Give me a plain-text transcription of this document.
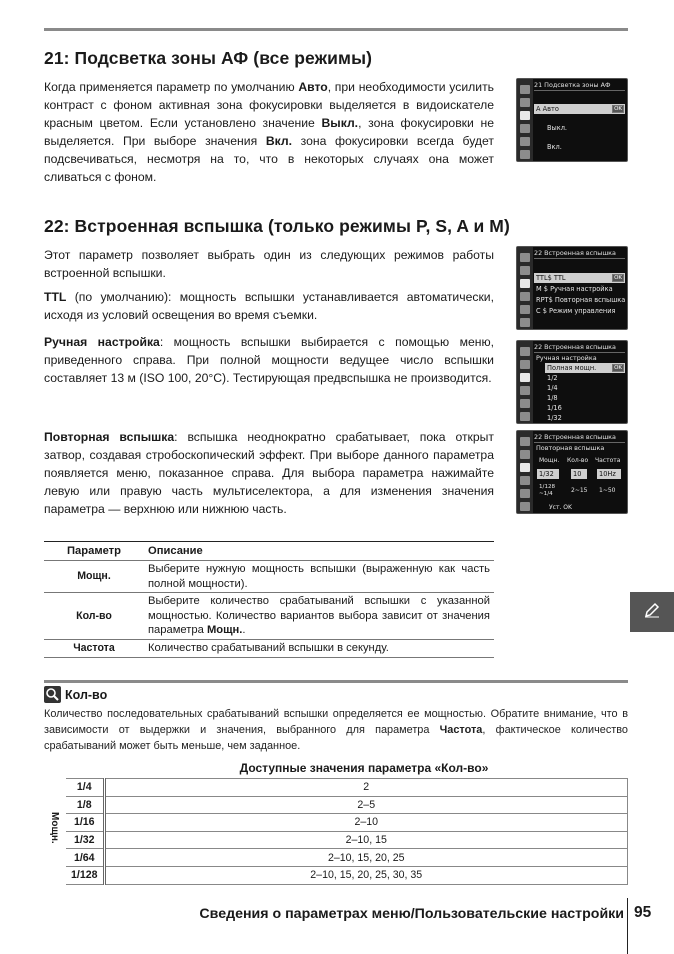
21: Подсветка зоны АФ (все режимы)

Когда применяется параметр по умолчанию Авто, при необходимости усилить контраст с фоном активная зона фокусировки выделяется в видоискателе красным цветом. Если установлено значение Выкл., зона фокусировки не выделяется. При выборе значения Вкл. зона фокусировки всегда будет подсвечиваться, несмотря на то, что в некоторых случаях она может сливаться с фоном.

21 Подсветка зоны АФ
A Авто	OK
Выкл.
Вкл.
22: Встроенная вспышка (только режимы P, S, A и M)

Этот параметр позволяет выбрать один из следующих режимов работы встроенной вспышки.

TTL (по умолчанию): мощность вспышки устанавливается автоматически, исходя из условий освещения во время съемки.

Ручная настройка: мощность вспышки выбирается с помощью меню, приведенного справа. При полной мощности ведущее число вспышки составляет 13 м (ISO 100, 20°C). Тестирующая предвспышка не производится.

Повторная вспышка: вспышка неоднократно срабатывает, пока открыт затвор, создавая стробоскопический эффект. При выборе данного параметра появляется меню, показанное справа. Для выбора параметра нажимайте левую или правую часть мультиселектора, а для изменения значения параметра — верхнюю или нижнюю часть.

22 Встроенная вспышка
TTL$ TTL	OK
M $ Ручная настройка
RPT$ Повторная вспышка
C $ Режим управления
22 Встроенная вспышка
Ручная настройка
Полная мощн.	OK
1/2
1/4
1/8
1/16
1/32
22 Встроенная вспышка
Повторная вспышка
Мощн.	Кол-во	Частота
1/32	10	10Hz
1/128 ~1/4	2~15	1~50
Уст. OK
Параметр	Описание
Мощн.	Выберите нужную мощность вспышки (выраженную как часть полной мощности).
Кол-во	Выберите количество срабатываний вспышки с указанной мощностью. Количество вариантов выбора зависит от значения параметра Мощн..
Частота	Количество срабатываний вспышки в секунду.
Кол-во

Количество последовательных срабатываний вспышки определяется ее мощностью. Обратите внимание, что в зависимости от выдержки и значения, выбранного для параметра Частота, фактическое количество срабатываний может быть меньше, чем заданное.

Доступные значения параметра «Кол-во»
Мощн.
1/4	2
1/8	2–5
1/16	2–10
1/32	2–10, 15
1/64	2–10, 15, 20, 25
1/128	2–10, 15, 20, 25, 30, 35
Сведения о параметрах меню/Пользовательские настройки 95
